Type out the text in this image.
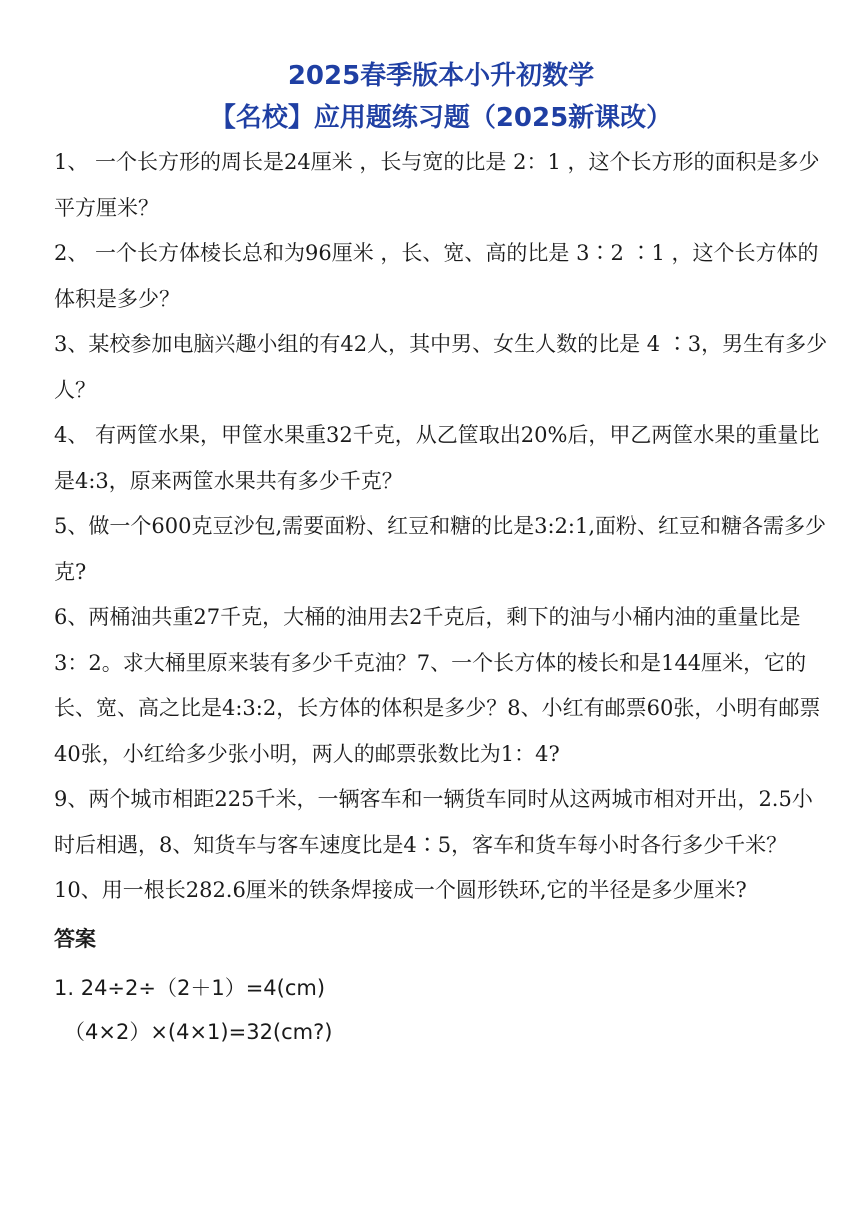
2025春季版本小升初数学
【名校】应用题练习题（2025新课改）
1、 一个长方形的周长是24厘米 ，长与宽的比是 2：1 ，这个长方形的面积是多少平方厘米？
2、 一个长方体棱长总和为96厘米 ，长、宽、高的比是 3∶2 ∶1 ，这个长方体的体积是多少？
3、某校参加电脑兴趣小组的有42人，其中男、女生人数的比是 4 ∶3，男生有多少人？
4、 有两筐水果，甲筐水果重32千克，从乙筐取出20%后，甲乙两筐水果的重量比是4:3，原来两筐水果共有多少千克？
5、做一个600克豆沙包,需要面粉、红豆和糖的比是3:2:1,面粉、红豆和糖各需多少克?
6、两桶油共重27千克，大桶的油用去2千克后，剩下的油与小桶内油的重量比是3：2。求大桶里原来装有多少千克油？7、一个长方体的棱长和是144厘米，它的长、宽、高之比是4:3:2，长方体的体积是多少？8、小红有邮票60张，小明有邮票40张，小红给多少张小明，两人的邮票张数比为1：4?
9、两个城市相距225千米，一辆客车和一辆货车同时从这两城市相对开出，2.5小时后相遇，8、知货车与客车速度比是4∶5，客车和货车每小时各行多少千米？
10、用一根长282.6厘米的铁条焊接成一个圆形铁环,它的半径是多少厘米?
答案

1. 24÷2÷（2＋1）=4(cm)

（4×2）×(4×1)=32(cm?)
